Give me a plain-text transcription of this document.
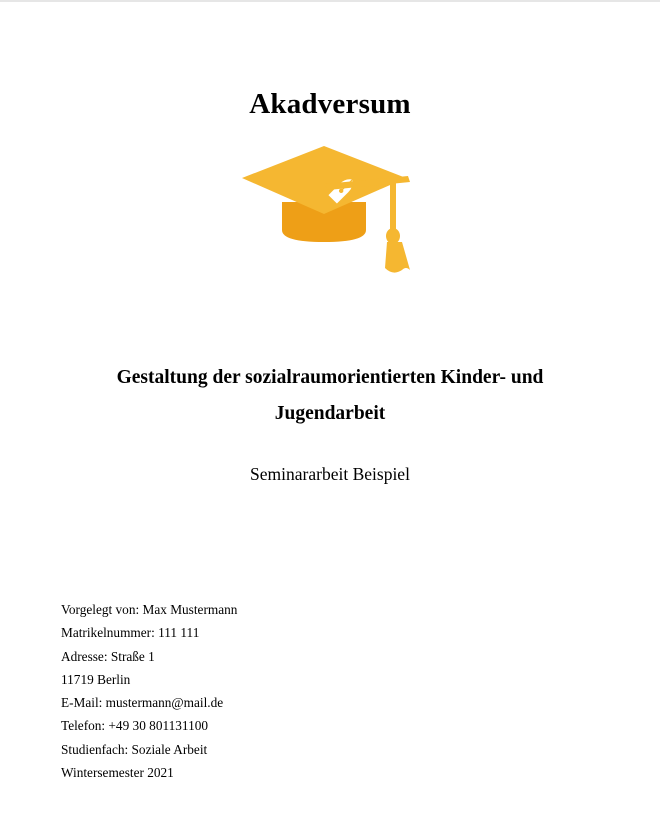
Akadversum
Gestaltung der sozialraumorientierten Kinder- und
Jugendarbeit
Seminararbeit Beispiel
Vorgelegt von: Max Mustermann
Matrikelnummer: 111 111
Adresse: Straße 1
11719 Berlin
E-Mail: mustermann@mail.de
Telefon: +49 30 801131100
Studienfach: Soziale Arbeit
Wintersemester 2021
